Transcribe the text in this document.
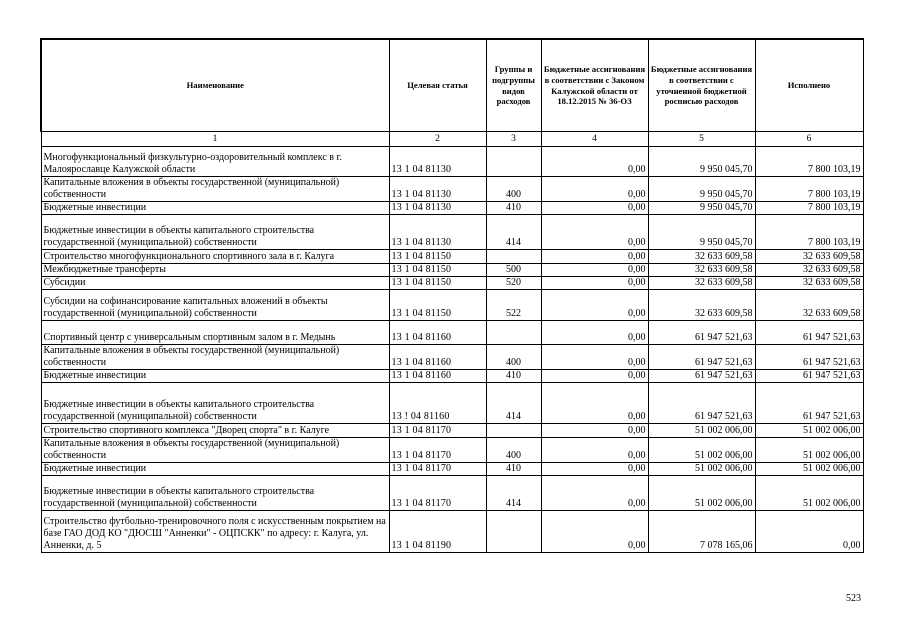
Наименование	Целевая статья	Группы и подгруппы видов расходов	Бюджетные ассигнования в соответствии с Законом Калужской области от 18.12.2015 № 36-ОЗ	Бюджетные ассигнования в соответствии с уточненной бюджетной росписью расходов	Исполнено
1	2	3	4	5	6
Многофункциональный физкультурно-оздоровительный комплекс в г. Малоярославце Калужской области	13 1 04 81130		0,00	9 950 045,70	7 800 103,19
Капитальные вложения в объекты государственной (муниципальной) собственности	13 1 04 81130	400	0,00	9 950 045,70	7 800 103,19
Бюджетные инвестиции	13 1 04 81130	410	0,00	9 950 045,70	7 800 103,19
Бюджетные инвестиции в объекты капитального строительства государственной (муниципальной) собственности	13 1 04 81130	414	0,00	9 950 045,70	7 800 103,19
Строительство многофункционального спортивного зала в г. Калуга	13 1 04 81150		0,00	32 633 609,58	32 633 609,58
Межбюджетные трансферты	13 1 04 81150	500	0,00	32 633 609,58	32 633 609,58
Субсидии	13 1 04 81150	520	0,00	32 633 609,58	32 633 609,58
Субсидии на софинансирование капитальных вложений в объекты государственной (муниципальной) собственности	13 1 04 81150	522	0,00	32 633 609,58	32 633 609,58
Спортивный центр с универсальным спортивным залом в г. Медынь	13 1 04 81160		0,00	61 947 521,63	61 947 521,63
Капитальные вложения в объекты государственной (муниципальной) собственности	13 1 04 81160	400	0,00	61 947 521,63	61 947 521,63
Бюджетные инвестиции	13 1 04 81160	410	0,00	61 947 521,63	61 947 521,63
Бюджетные инвестиции в объекты капитального строительства государственной (муниципальной) собственности	13 ! 04 81160	414	0,00	61 947 521,63	61 947 521,63
Строительство спортивного комплекса "Дворец спорта" в г. Калуге	13 1 04 81170		0,00	51 002 006,00	51 002 006,00
Капитальные вложения в объекты государственной (муниципальной) собственности	13 1 04 81170	400	0,00	51 002 006,00	51 002 006,00
Бюджетные инвестиции	13 1 04 81170	410	0,00	51 002 006,00	51 002 006,00
Бюджетные инвестиции в объекты капитального строительства государственной (муниципальной) собственности	13 1 04 81170	414	0,00	51 002 006,00	51 002 006,00
Строительство футбольно-тренировочного поля с искусственным покрытием на базе ГАО ДОД КО "ДЮСШ "Анненки" - ОЦПСКК" по адресу: г. Калуга, ул. Анненки, д. 5	13 1 04 81190		0,00	7 078 165,06	0,00
523
